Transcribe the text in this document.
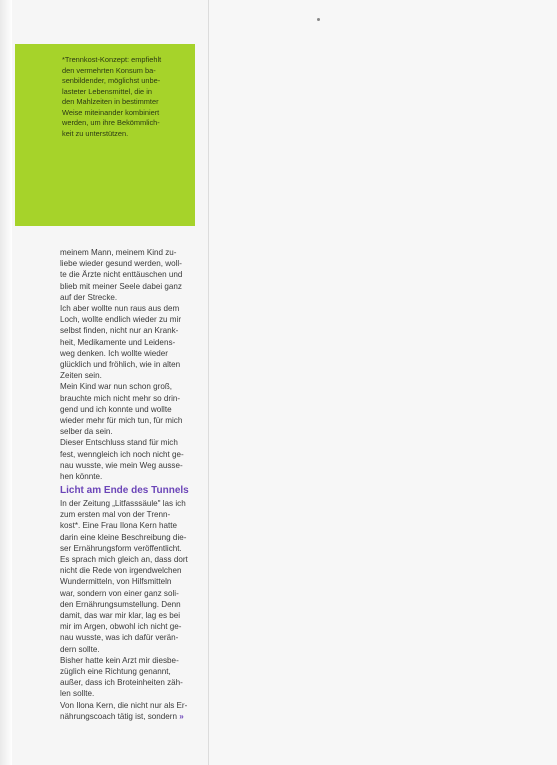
*Trennkost-Konzept: empfiehlt
den vermehrten Konsum ba-
senbildender, möglichst unbe-
lasteter Lebensmittel, die in
den Mahlzeiten in bestimmter
Weise miteinander kombiniert
werden, um ihre Bekömmlich-
keit zu unterstützen.
meinem Mann, meinem Kind zu-
liebe wieder gesund werden, woll-
te die Ärzte nicht enttäuschen und
blieb mit meiner Seele dabei ganz
auf der Strecke.
Ich aber wollte nun raus aus dem
Loch, wollte endlich wieder zu mir
selbst finden, nicht nur an Krank-
heit, Medikamente und Leidens-
weg denken. Ich wollte wieder
glücklich und fröhlich, wie in alten
Zeiten sein.
Mein Kind war nun schon groß,
brauchte mich nicht mehr so drin-
gend und ich konnte und wollte
wieder mehr für mich tun, für mich
selber da sein.
Dieser Entschluss stand für mich
fest, wenngleich ich noch nicht ge-
nau wusste, wie mein Weg ausse-
hen könnte.
Licht am Ende des Tunnels
In der Zeitung „Litfasssäule" las ich
zum ersten mal von der Trenn-
kost*. Eine Frau Ilona Kern hatte
darin eine kleine Beschreibung die-
ser Ernährungsform veröffentlicht.
Es sprach mich gleich an, dass dort
nicht die Rede von irgendwelchen
Wundermitteln, von Hilfsmitteln
war, sondern von einer ganz soli-
den Ernährungsumstellung. Denn
damit, das war mir klar, lag es bei
mir im Argen, obwohl ich nicht ge-
nau wusste, was ich dafür verän-
dern sollte.
Bisher hatte kein Arzt mir diesbe-
züglich eine Richtung genannt,
außer, dass ich Broteinheiten zäh-
len sollte.
Von Ilona Kern, die nicht nur als Er-
nährungscoach tätig ist, sondern »
